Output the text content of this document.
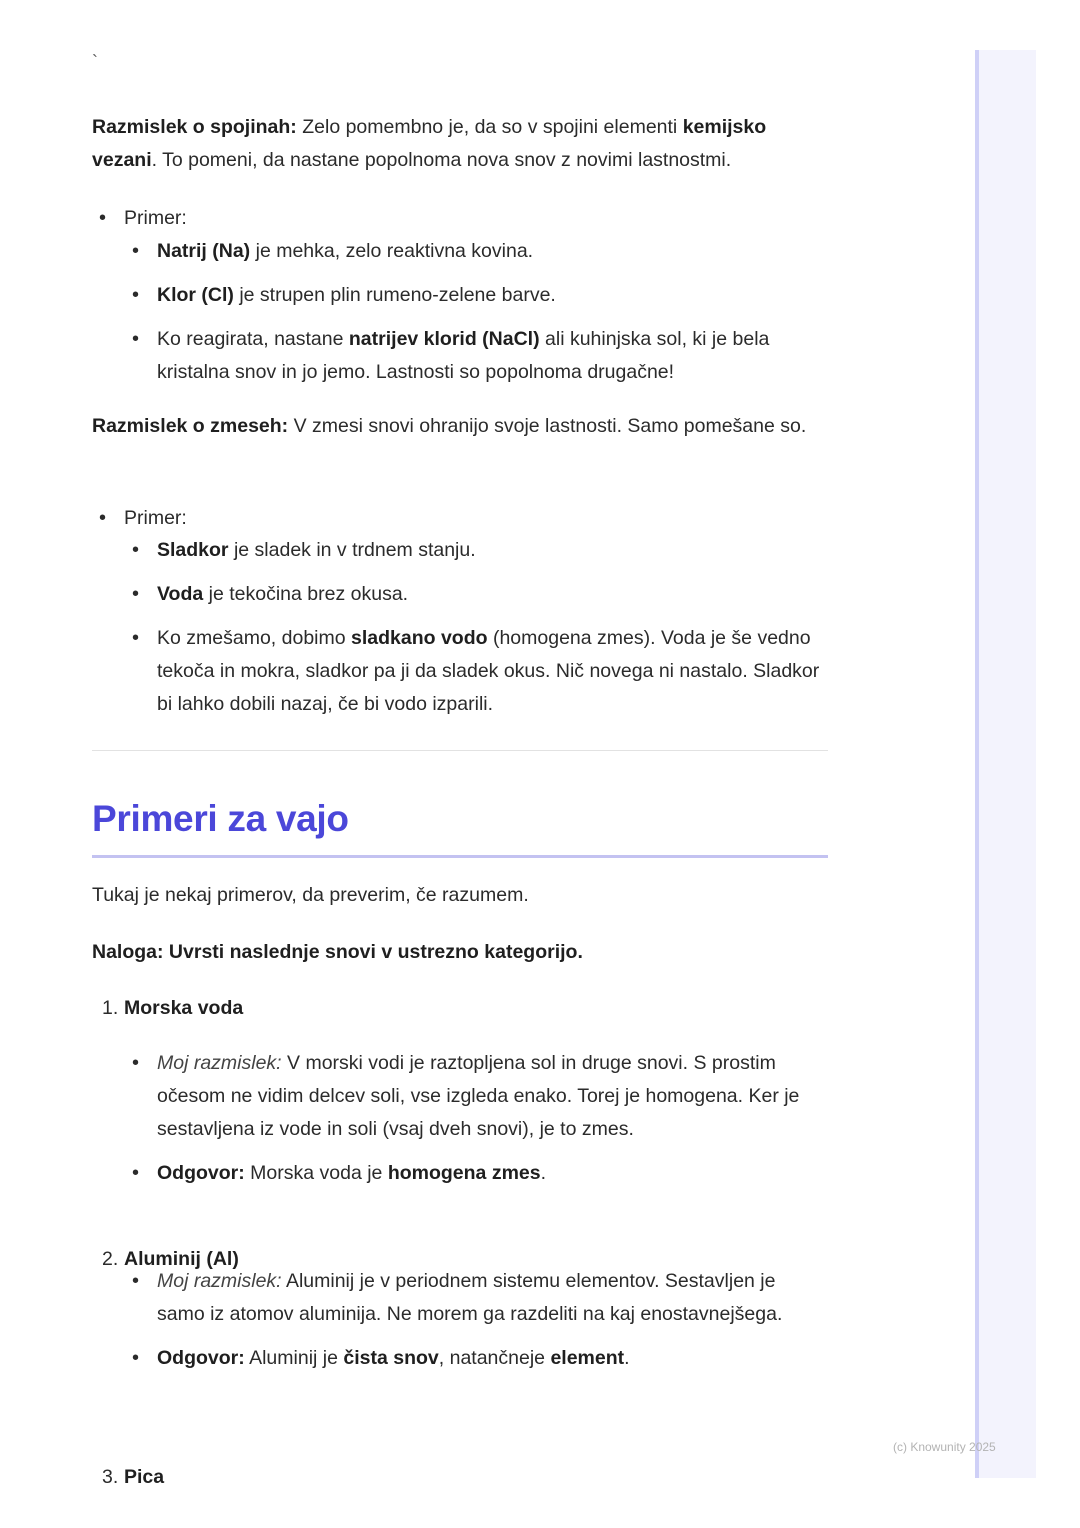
`

Razmislek o spojinah: Zelo pomembno je, da so v spojini elementi kemijsko vezani. To pomeni, da nastane popolnoma nova snov z novimi lastnostmi.

• Primer:
• Natrij (Na) je mehka, zelo reaktivna kovina.
• Klor (Cl) je strupen plin rumeno-zelene barve.
• Ko reagirata, nastane natrijev klorid (NaCl) ali kuhinjska sol, ki je bela kristalna snov in jo jemo. Lastnosti so popolnoma drugačne!

Razmislek o zmeseh: V zmesi snovi ohranijo svoje lastnosti. Samo pomešane so.

• Primer:
• Sladkor je sladek in v trdnem stanju.
• Voda je tekočina brez okusa.
• Ko zmešamo, dobimo sladkano vodo (homogena zmes). Voda je še vedno tekoča in mokra, sladkor pa ji da sladek okus. Nič novega ni nastalo. Sladkor bi lahko dobili nazaj, če bi vodo izparili.
Primeri za vajo

Tukaj je nekaj primerov, da preverim, če razumem.

Naloga: Uvrsti naslednje snovi v ustrezno kategorijo.

1. Morska voda
• Moj razmislek: V morski vodi je raztopljena sol in druge snovi. S prostim očesom ne vidim delcev soli, vse izgleda enako. Torej je homogena. Ker je sestavljena iz vode in soli (vsaj dveh snovi), je to zmes.
• Odgovor: Morska voda je homogena zmes.
2. Aluminij (Al)
• Moj razmislek: Aluminij je v periodnem sistemu elementov. Sestavljen je samo iz atomov aluminija. Ne morem ga razdeliti na kaj enostavnejšega.
• Odgovor: Aluminij je čista snov, natančneje element.
3. Pica
(c) Knowunity 2025
